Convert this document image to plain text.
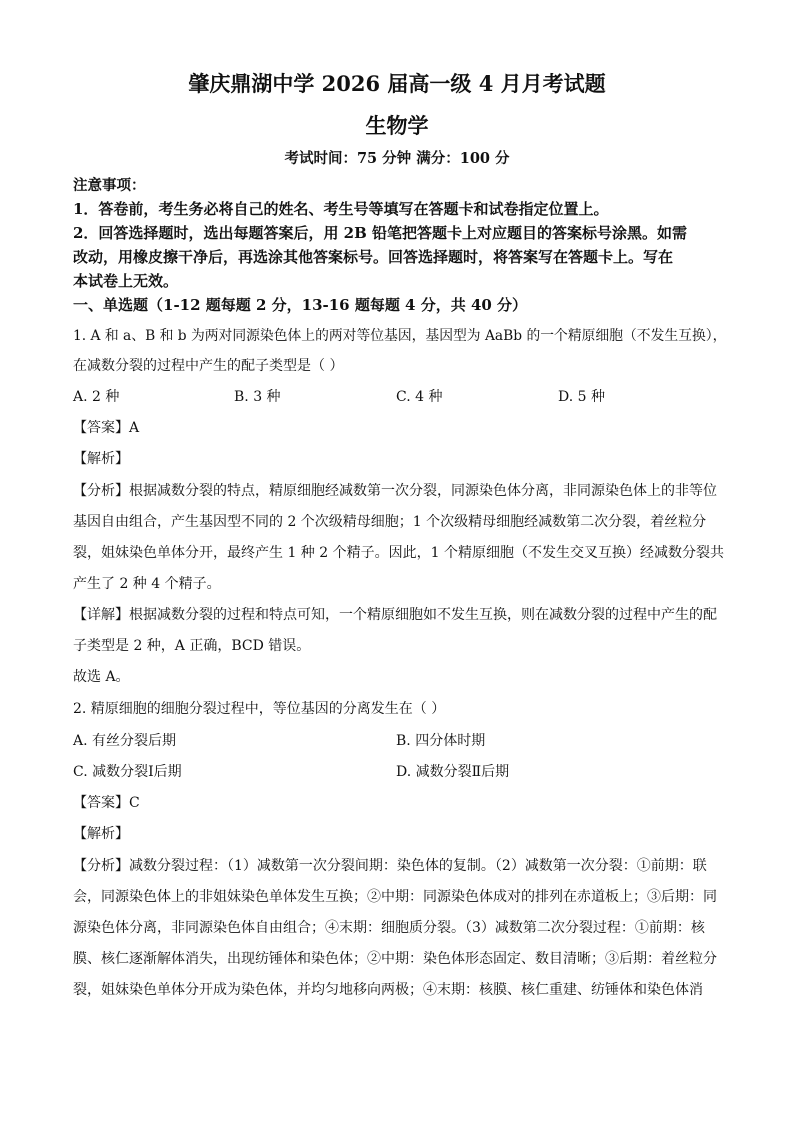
肇庆鼎湖中学 2026 届高一级 4 月月考试题
生物学
考试时间：75 分钟 满分：100 分
注意事项：
1．答卷前，考生务必将自己的姓名、考生号等填写在答题卡和试卷指定位置上。
2．回答选择题时，选出每题答案后，用 2B 铅笔把答题卡上对应题目的答案标号涂黑。如需
改动，用橡皮擦干净后，再选涂其他答案标号。回答选择题时，将答案写在答题卡上。写在
本试卷上无效。
一、单选题（1-12 题每题 2 分，13-16 题每题 4 分，共 40 分）
1. A 和 a、B 和 b 为两对同源染色体上的两对等位基因，基因型为 AaBb 的一个精原细胞（不发生互换），
在减数分裂的过程中产生的配子类型是（ ）
A. 2 种	B. 3 种	C. 4 种	D. 5 种
【答案】A
【解析】
【分析】根据减数分裂的特点，精原细胞经减数第一次分裂，同源染色体分离，非同源染色体上的非等位
基因自由组合，产生基因型不同的 2 个次级精母细胞；1 个次级精母细胞经减数第二次分裂，着丝粒分
裂，姐妹染色单体分开，最终产生 1 种 2 个精子。因此，1 个精原细胞（不发生交叉互换）经减数分裂共
产生了 2 种 4 个精子。
【详解】根据减数分裂的过程和特点可知，一个精原细胞如不发生互换，则在减数分裂的过程中产生的配
子类型是 2 种，A 正确，BCD 错误。
故选 A。
2. 精原细胞的细胞分裂过程中，等位基因的分离发生在（ ）
A. 有丝分裂后期	B. 四分体时期
C. 减数分裂Ⅰ后期	D. 减数分裂Ⅱ后期
【答案】C
【解析】
【分析】减数分裂过程：（1）减数第一次分裂间期：染色体的复制。（2）减数第一次分裂：①前期：联
会，同源染色体上的非姐妹染色单体发生互换；②中期：同源染色体成对的排列在赤道板上；③后期：同
源染色体分离，非同源染色体自由组合；④末期：细胞质分裂。（3）减数第二次分裂过程：①前期：核
膜、核仁逐渐解体消失，出现纺锤体和染色体；②中期：染色体形态固定、数目清晰；③后期：着丝粒分
裂，姐妹染色单体分开成为染色体，并均匀地移向两极；④末期：核膜、核仁重建、纺锤体和染色体消
